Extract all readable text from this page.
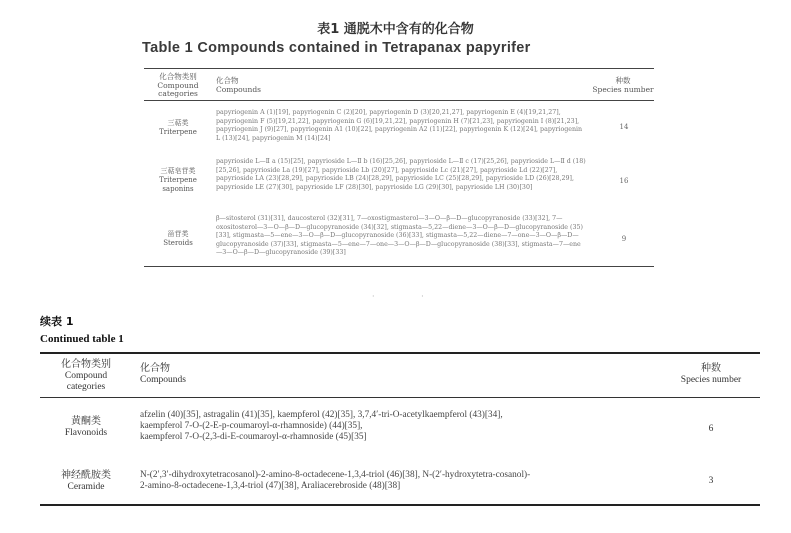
表1 通脱木中含有的化合物
Table 1 Compounds contained in Tetrapanax papyrifer
化合物类别
Compound categories
化合物
Compounds
种数
Species number
三萜类
Triterpene
papyriogenin A (1)[19], papyriogenin C (2)[20], papyriogenin D (3)[20,21,27], papyriogenin E (4)[19,21,27], papyriogenin F (5)[19,21,22], papyriogenin G (6)[19,21,22], papyriogenin H (7)[21,23], papyriogenin I (8)[21,23], papyriogenin J (9)[27], papyriogenin A1 (10)[22], papyriogenin A2 (11)[22], papyriogenin K (12)[24], papyriogenin L (13)[24], papyriogenin M (14)[24]
14
三萜皂苷类
Triterpene saponins
papyrioside L—Ⅱ a (15)[25], papyrioside L—Ⅱ b (16)[25,26], papyrioside L—Ⅱ c (17)[25,26], papyrioside L—Ⅱ d (18)[25,26], papyrioside La (19)[27], papyrioside Lb (20)[27], papyrioside Lc (21)[27], papyrioside Ld (22)[27], papyrioside LA (23)[28,29], papyrioside LB (24)[28,29], papyrioside LC (25)[28,29], papyrioside LD (26)[28,29], papyrioside LE (27)[30], papyrioside LF (28)[30], papyrioside LG (29)[30], papyrioside LH (30)[30]
16
甾苷类
Steroids
β—sitosterol (31)[31], daucosterol (32)[31], 7—oxostigmasterol—3—O—β—D—glucopyranoside (33)[32], 7—oxositosterol—3—O—β—D—glucopyranoside (34)[32], stigmasta—5,22—diene—3—O—β—D—glucopyranoside (35)[33], stigmasta—5—ene—3—O—β—D—glucopyranoside (36)[33], stigmasta—5,22—diene—7—one—3—O—β—D—glucopyranoside (37)[33], stigmasta—5—ene—7—one—3—O—β—D—glucopyranoside (38)[33], stigmasta—7—ene—3—O—β—D—glucopyranoside (39)[33]
9
· ·
续表 1
Continued table 1
化合物类别
Compound
categories
化合物
Compounds
种数
Species number
黄酮类
Flavonoids
afzelin (40)[35], astragalin (41)[35], kaempferol (42)[35], 3,7,4′-tri-O-acetylkaempferol (43)[34],
kaempferol 7-O-(2-E-p-coumaroyl-α-rhamnoside) (44)[35],
kaempferol 7-O-(2,3-di-E-coumaroyl-α-rhamnoside (45)[35]
6
神经酰胺类
Ceramide
N-(2′,3′-dihydroxytetracosanol)-2-amino-8-octadecene-1,3,4-triol (46)[38], N-(2′-hydroxytetra-cosanol)-
2-amino-8-octadecene-1,3,4-triol (47)[38], Araliacerebroside (48)[38]
3
